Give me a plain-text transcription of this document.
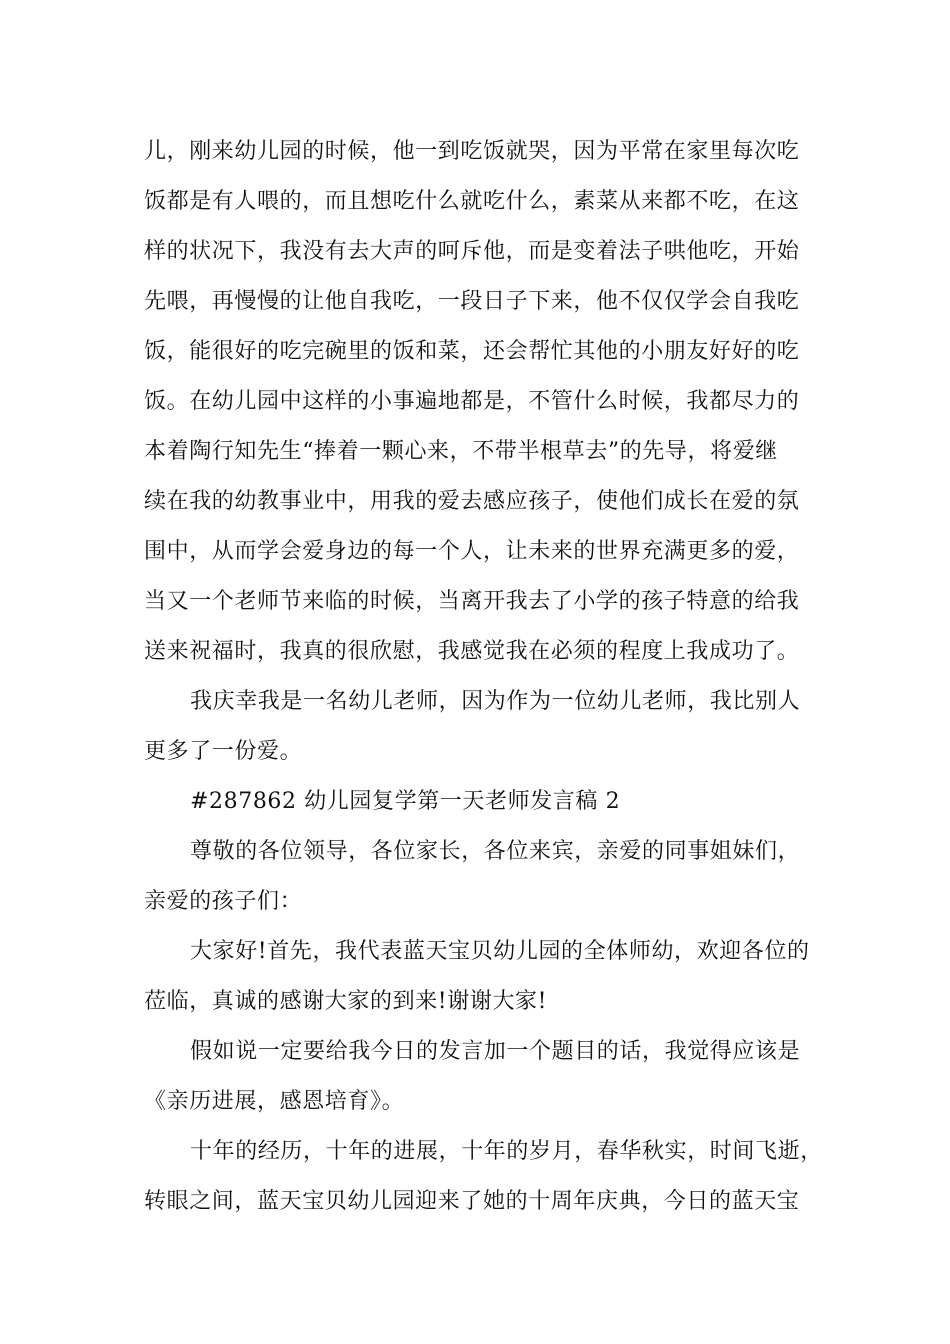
儿，刚来幼儿园的时候，他一到吃饭就哭，因为平常在家里每次吃
饭都是有人喂的，而且想吃什么就吃什么，素菜从来都不吃，在这
样的状况下，我没有去大声的呵斥他，而是变着法子哄他吃，开始
先喂，再慢慢的让他自我吃，一段日子下来，他不仅仅学会自我吃
饭，能很好的吃完碗里的饭和菜，还会帮忙其他的小朋友好好的吃
饭。在幼儿园中这样的小事遍地都是，不管什么时候，我都尽力的
本着陶行知先生“捧着一颗心来，不带半根草去”的先导，将爱继
续在我的幼教事业中，用我的爱去感应孩子，使他们成长在爱的氛
围中，从而学会爱身边的每一个人，让未来的世界充满更多的爱，
当又一个老师节来临的时候，当离开我去了小学的孩子特意的给我
送来祝福时，我真的很欣慰，我感觉我在必须的程度上我成功了。
我庆幸我是一名幼儿老师，因为作为一位幼儿老师，我比别人
更多了一份爱。
#287862 幼儿园复学第一天老师发言稿 2
尊敬的各位领导，各位家长，各位来宾，亲爱的同事姐妹们，
亲爱的孩子们：
大家好!首先，我代表蓝天宝贝幼儿园的全体师幼，欢迎各位的
莅临，真诚的感谢大家的到来!谢谢大家!
假如说一定要给我今日的发言加一个题目的话，我觉得应该是
《亲历进展，感恩培育》。
十年的经历，十年的进展，十年的岁月，春华秋实，时间飞逝，
转眼之间，蓝天宝贝幼儿园迎来了她的十周年庆典，今日的蓝天宝
